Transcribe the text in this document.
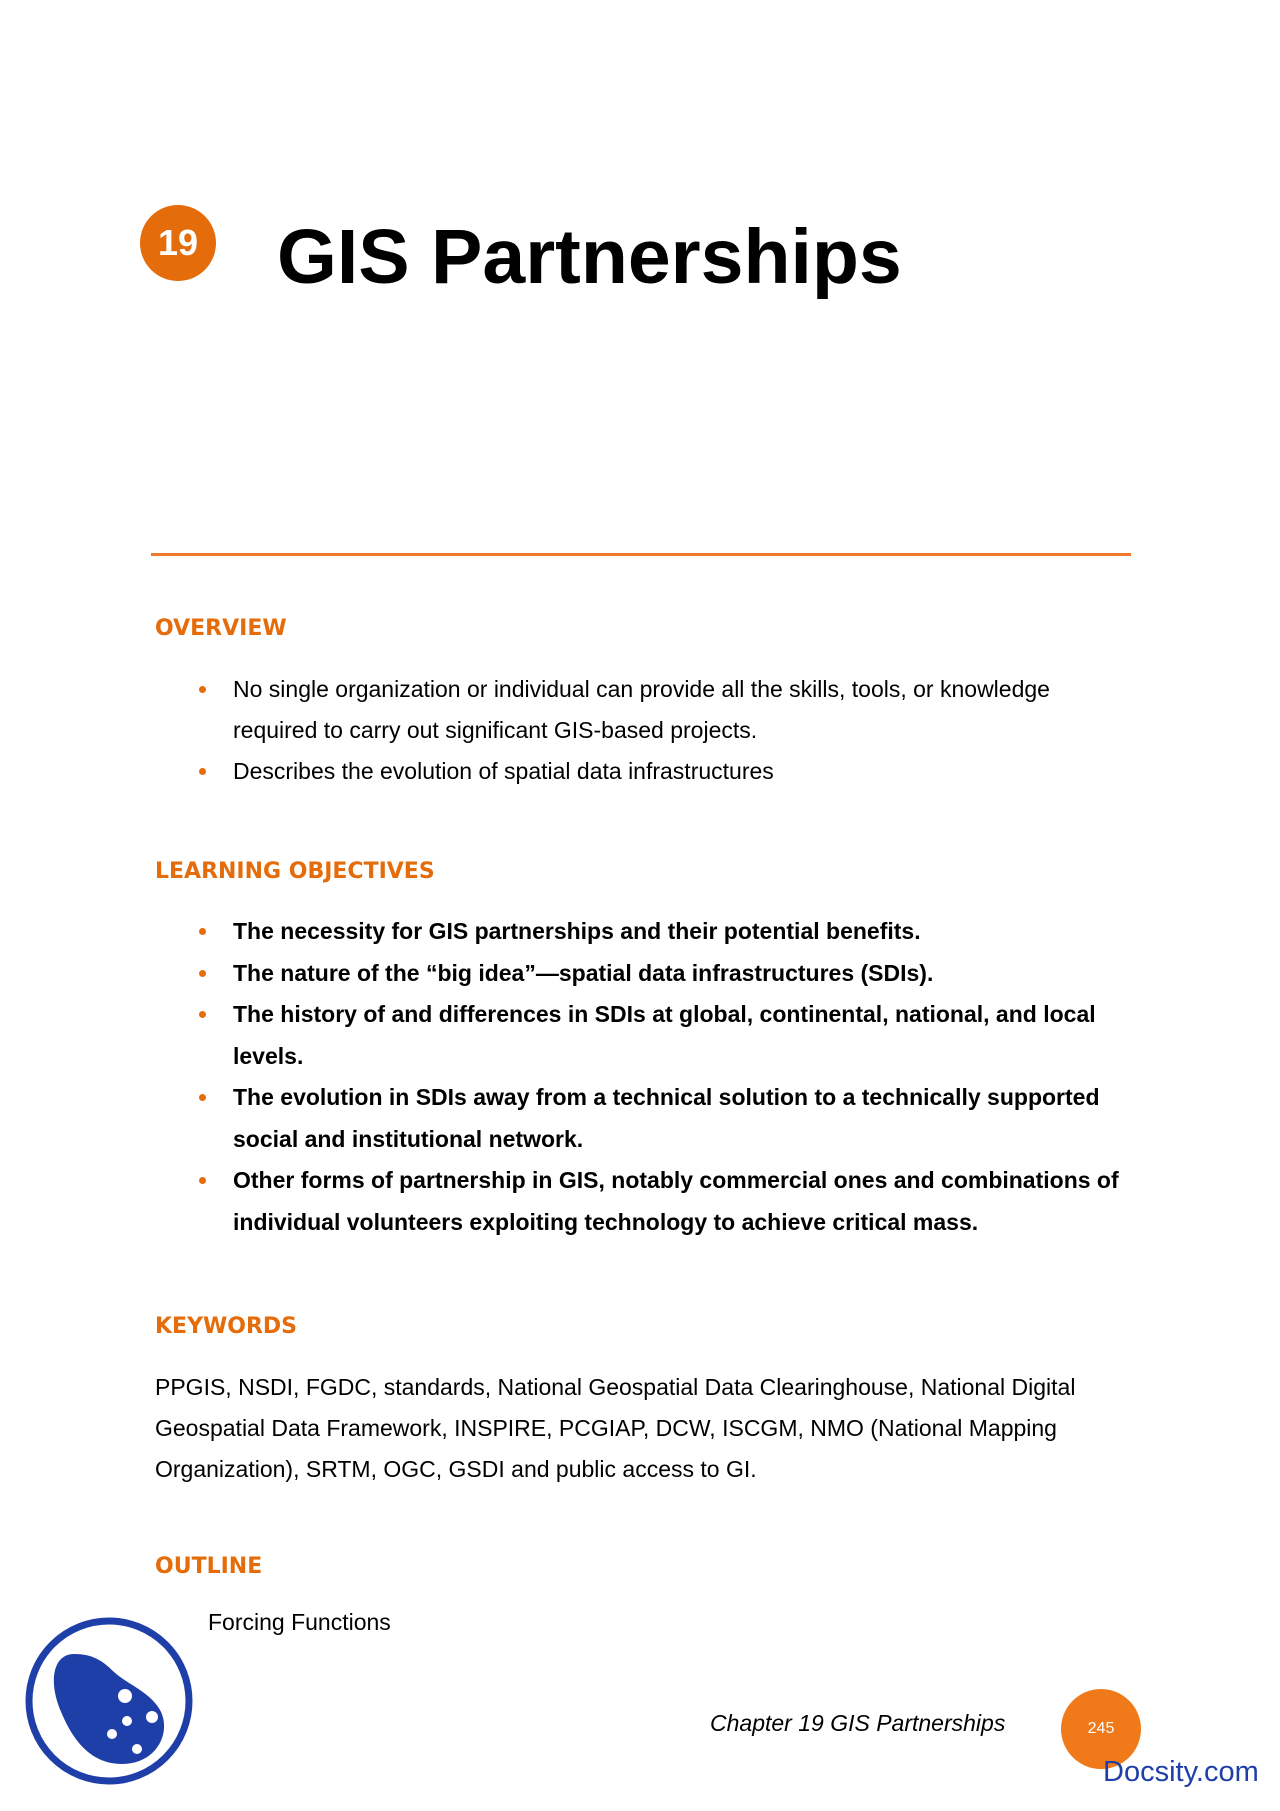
19 GIS Partnerships
OVERVIEW
No single organization or individual can provide all the skills, tools, or knowledge required to carry out significant GIS-based projects.
Describes the evolution of spatial data infrastructures
LEARNING OBJECTIVES
The necessity for GIS partnerships and their potential benefits.
The nature of the “big idea”—spatial data infrastructures (SDIs).
The history of and differences in SDIs at global, continental, national, and local levels.
The evolution in SDIs away from a technical solution to a technically supported social and institutional network.
Other forms of partnership in GIS, notably commercial ones and combinations of individual volunteers exploiting technology to achieve critical mass.
KEYWORDS

PPGIS, NSDI, FGDC, standards, National Geospatial Data Clearinghouse, National Digital Geospatial Data Framework, INSPIRE, PCGIAP, DCW, ISCGM, NMO (National Mapping Organization), SRTM, OGC, GSDI and public access to GI.

OUTLINE

Forcing Functions

Chapter 19 GIS Partnerships	245
Docsity.com
